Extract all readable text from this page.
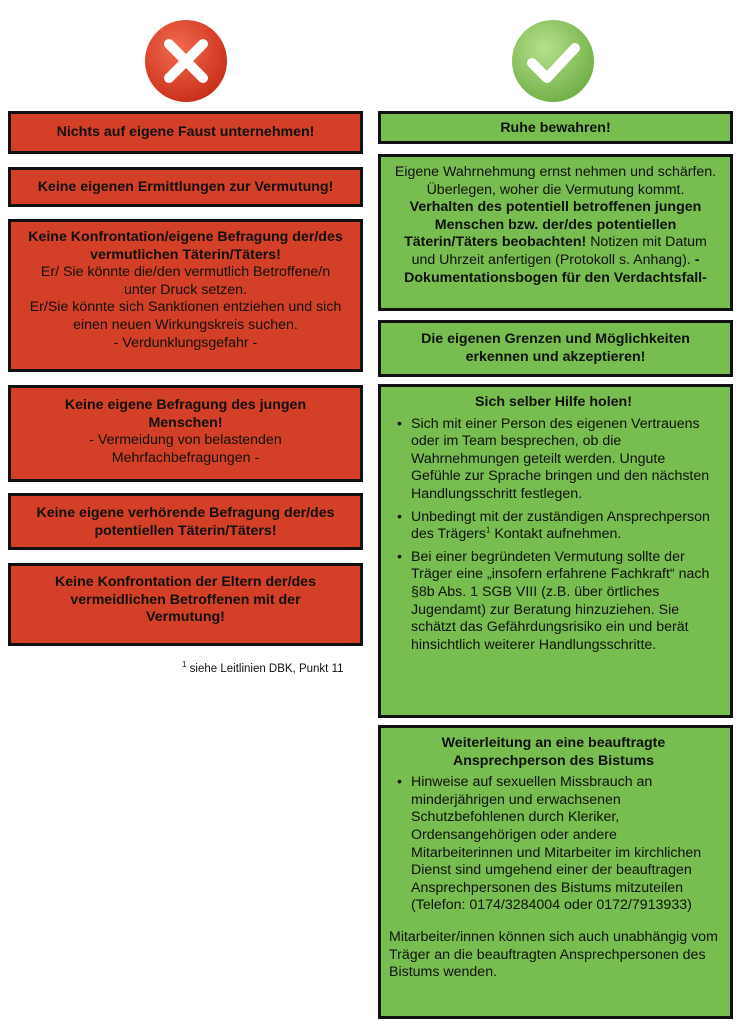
Nichts auf eigene Faust unternehmen!
Keine eigenen Ermittlungen zur Vermutung!
Keine Konfrontation/eigene Befragung der/des vermutlichen Täterin/Täters!
Er/ Sie könnte die/den vermutlich Betroffene/n unter Druck setzen.
Er/Sie könnte sich Sanktionen entziehen und sich einen neuen Wirkungskreis suchen.
- Verdunklungsgefahr -
Keine eigene Befragung des jungen Menschen!
- Vermeidung von belastenden Mehrfachbefragungen -
Keine eigene verhörende Befragung der/des potentiellen Täterin/Täters!
Keine Konfrontation der Eltern der/des vermeidlichen Betroffenen mit der Vermutung!
$^1$ siehe Leitlinien DBK, Punkt 11
Ruhe bewahren!
Eigene Wahrnehmung ernst nehmen und schärfen. Überlegen, woher die Vermutung kommt. Verhalten des potentiell betroffenen jungen Menschen bzw. der/des potentiellen Täterin/Täters beobachten! Notizen mit Datum und Uhrzeit anfertigen (Protokoll s. Anhang). -Dokumentationsbogen für den Verdachtsfall-
Die eigenen Grenzen und Möglichkeiten erkennen und akzeptieren!
Sich selber Hilfe holen!
• Sich mit einer Person des eigenen Vertrauens oder im Team besprechen, ob die Wahrnehmungen geteilt werden. Ungute Gefühle zur Sprache bringen und den nächsten Handlungsschritt festlegen.
• Unbedingt mit der zuständigen Ansprechperson des Trägers$^1$ Kontakt aufnehmen.
• Bei einer begründeten Vermutung sollte der Träger eine „insofern erfahrene Fachkraft“ nach §8b Abs. 1 SGB VIII (z.B. über örtliches Jugendamt) zur Beratung hinzuziehen. Sie schätzt das Gefährdungsrisiko ein und berät hinsichtlich weiterer Handlungsschritte.
Weiterleitung an eine beauftragte Ansprechperson des Bistums
• Hinweise auf sexuellen Missbrauch an minderjährigen und erwachsenen Schutzbefohlenen durch Kleriker, Ordensangehörigen oder andere Mitarbeiterinnen und Mitarbeiter im kirchlichen Dienst sind umgehend einer der beauftragen Ansprechpersonen des Bistums mitzuteilen (Telefon: 0174/3284004 oder 0172/7913933)
Mitarbeiter/innen können sich auch unabhängig vom Träger an die beauftragten Ansprechpersonen des Bistums wenden.
